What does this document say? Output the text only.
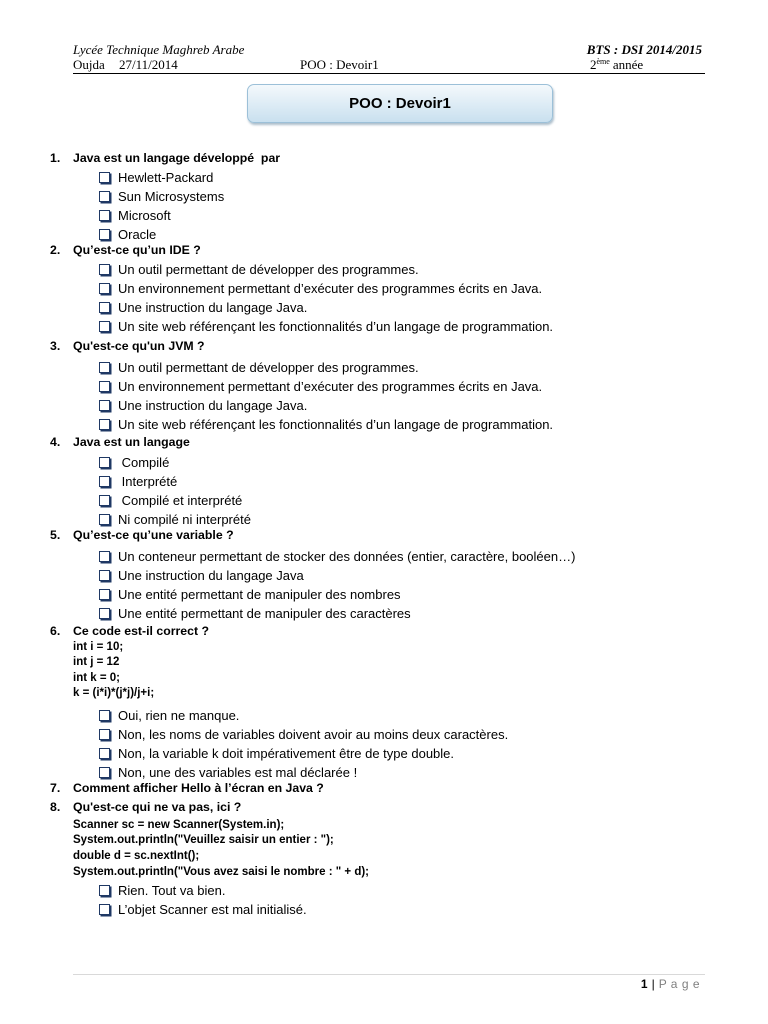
Lycée Technique Maghreb Arabe	BTS : DSI 2014/2015
Oujda 27/11/2014	POO : Devoir1	2ème année
POO : Devoir1
1.	Java est un langage développé  par
Hewlett-Packard
Sun Microsystems
Microsoft
Oracle
2.	Qu’est-ce qu’un IDE ?
Un outil permettant de développer des programmes.
Un environnement permettant d’exécuter des programmes écrits en Java.
Une instruction du langage Java.
Un site web référençant les fonctionnalités d’un langage de programmation.
3.	Qu'est-ce qu'un JVM ?
Un outil permettant de développer des programmes.
Un environnement permettant d’exécuter des programmes écrits en Java.
Une instruction du langage Java.
Un site web référençant les fonctionnalités d’un langage de programmation.
4.	Java est un langage
Compilé
Interprété
Compilé et interprété
Ni compilé ni interprété
5.	Qu’est-ce qu’une variable ?
Un conteneur permettant de stocker des données (entier, caractère, booléen…)
Une instruction du langage Java
Une entité permettant de manipuler des nombres
Une entité permettant de manipuler des caractères
6.	Ce code est-il correct ?
int i = 10;
int j = 12
int k = 0;
k = (i*i)*(j*j)/j+i;
Oui, rien ne manque.
Non, les noms de variables doivent avoir au moins deux caractères.
Non, la variable k doit impérativement être de type double.
Non, une des variables est mal déclarée !
7.	Comment afficher Hello à l’écran en Java ?
8.	Qu'est-ce qui ne va pas, ici ?
Scanner sc = new Scanner(System.in);
System.out.println("Veuillez saisir un entier : ");
double d = sc.nextInt();
System.out.println("Vous avez saisi le nombre : " + d);
Rien. Tout va bien.
L’objet Scanner est mal initialisé.
1 | P a g e
